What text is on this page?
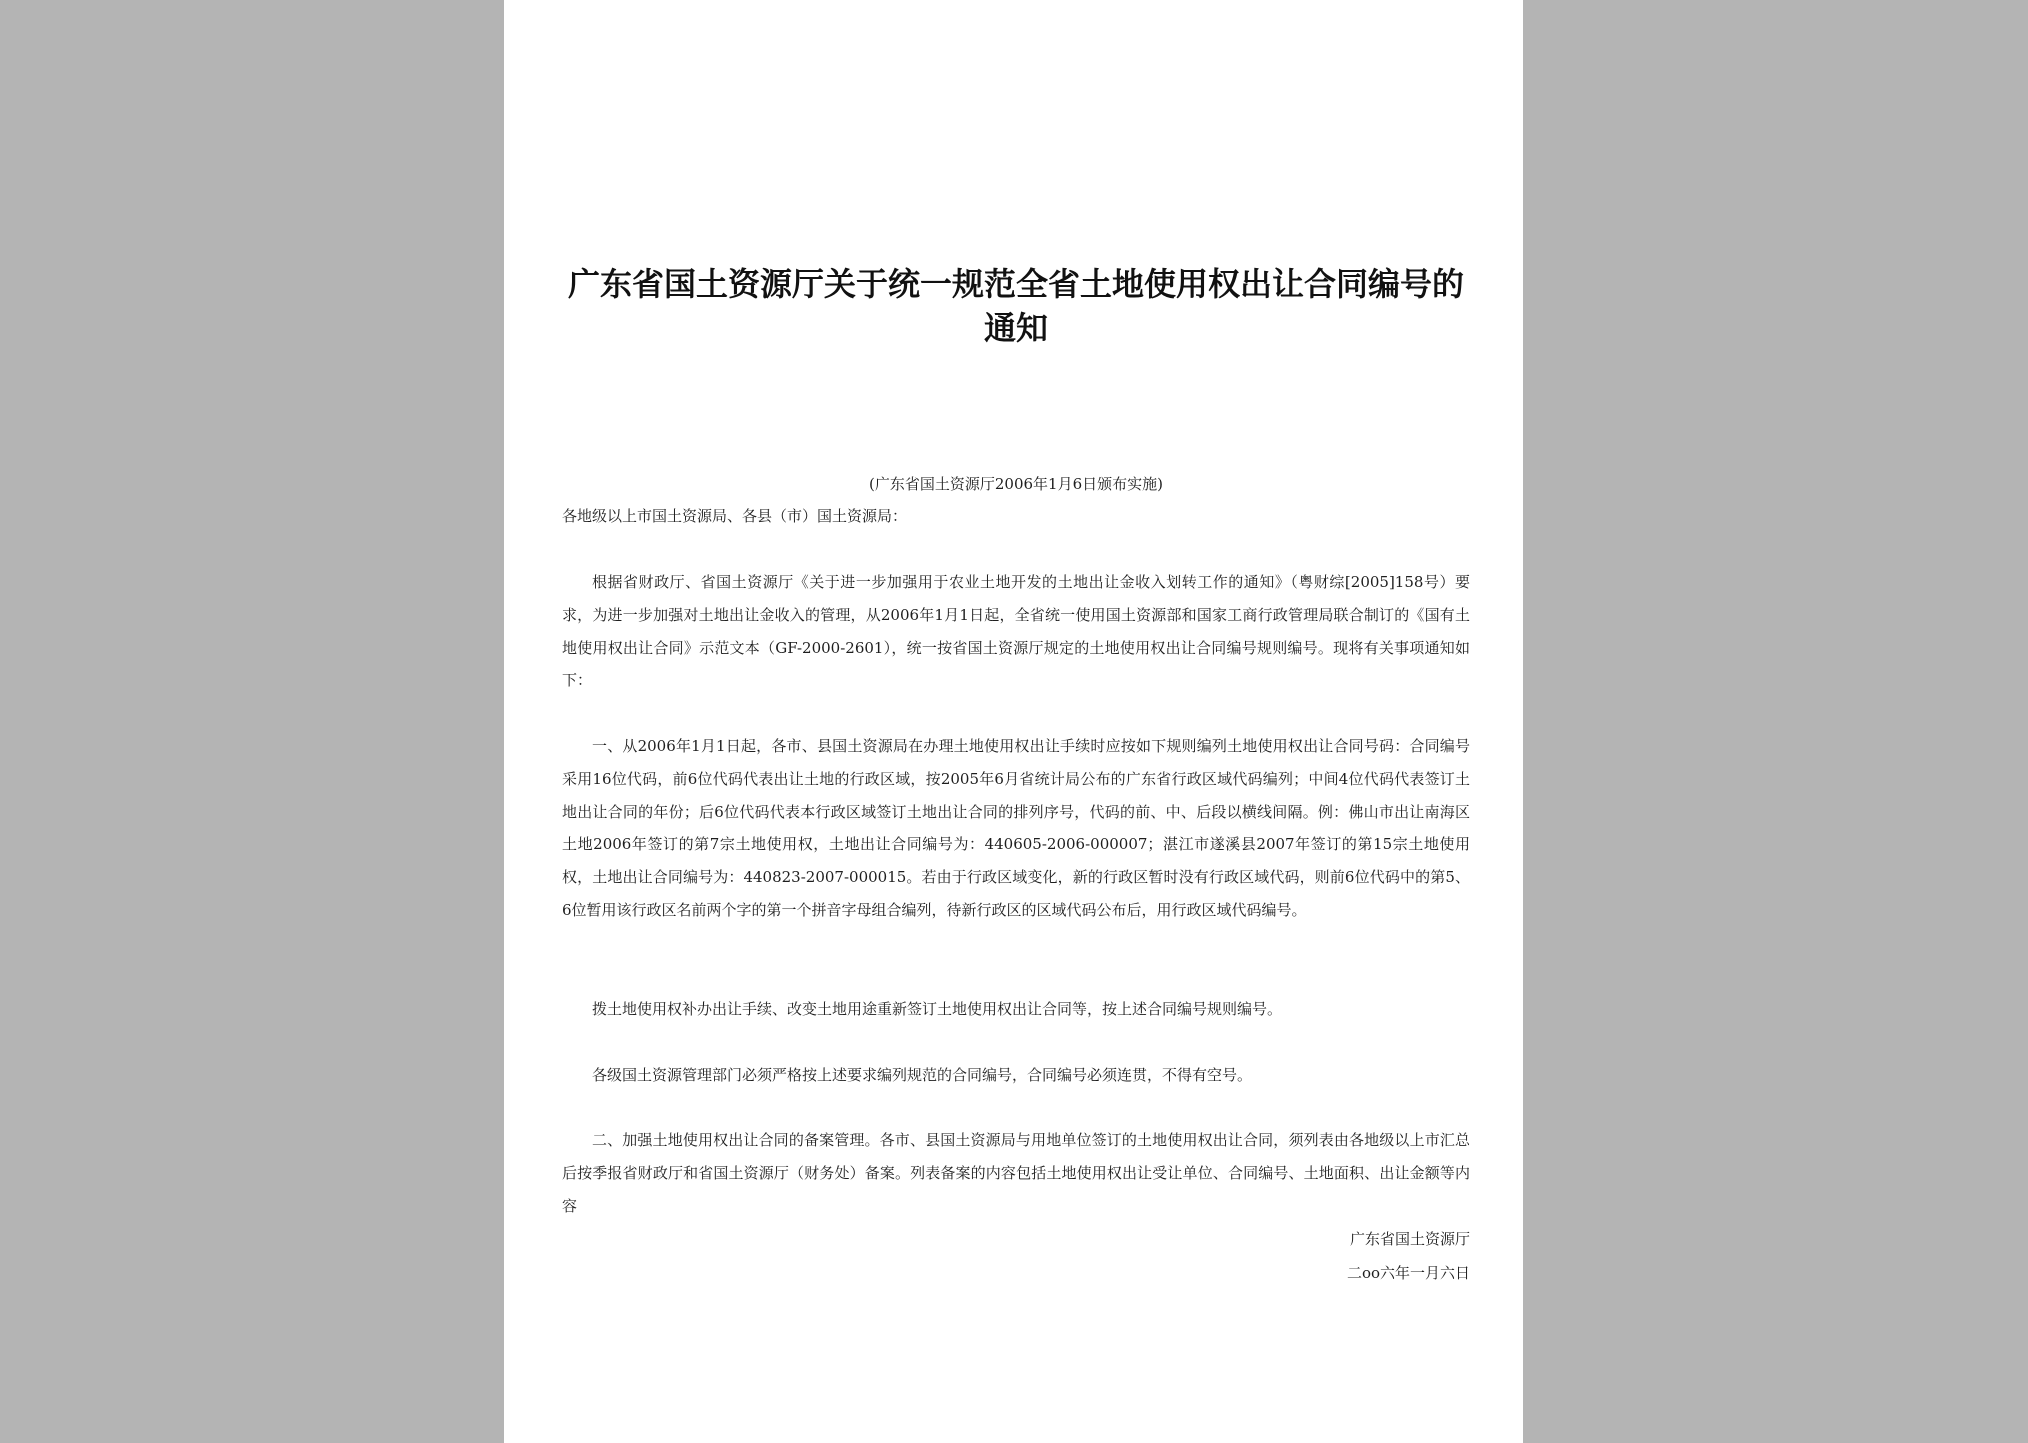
广东省国土资源厅关于统一规范全省土地使用权出让合同编号的通知

(广东省国土资源厅2006年1月6日颁布实施)

各地级以上市国土资源局、各县（市）国土资源局：

根据省财政厅、省国土资源厅《关于进一步加强用于农业土地开发的土地出让金收入划转工作的通知》（粤财综[2005]158号）要求，为进一步加强对土地出让金收入的管理，从2006年1月1日起，全省统一使用国土资源部和国家工商行政管理局联合制订的《国有土地使用权出让合同》示范文本（GF-2000-2601），统一按省国土资源厅规定的土地使用权出让合同编号规则编号。现将有关事项通知如下：

一、从2006年1月1日起，各市、县国土资源局在办理土地使用权出让手续时应按如下规则编列土地使用权出让合同号码：合同编号采用16位代码，前6位代码代表出让土地的行政区域，按2005年6月省统计局公布的广东省行政区域代码编列；中间4位代码代表签订土地出让合同的年份；后6位代码代表本行政区域签订土地出让合同的排列序号，代码的前、中、后段以横线间隔。例：佛山市出让南海区土地2006年签订的第7宗土地使用权，土地出让合同编号为：440605-2006-000007；湛江市遂溪县2007年签订的第15宗土地使用权，土地出让合同编号为：440823-2007-000015。若由于行政区域变化，新的行政区暂时没有行政区域代码，则前6位代码中的第5、6位暂用该行政区名前两个字的第一个拼音字母组合编列，待新行政区的区域代码公布后，用行政区域代码编号。

拨土地使用权补办出让手续、改变土地用途重新签订土地使用权出让合同等，按上述合同编号规则编号。

各级国土资源管理部门必须严格按上述要求编列规范的合同编号，合同编号必须连贯，不得有空号。

二、加强土地使用权出让合同的备案管理。各市、县国土资源局与用地单位签订的土地使用权出让合同，须列表由各地级以上市汇总后按季报省财政厅和省国土资源厅（财务处）备案。列表备案的内容包括土地使用权出让受让单位、合同编号、土地面积、出让金额等内容

广东省国土资源厅

二oo六年一月六日
